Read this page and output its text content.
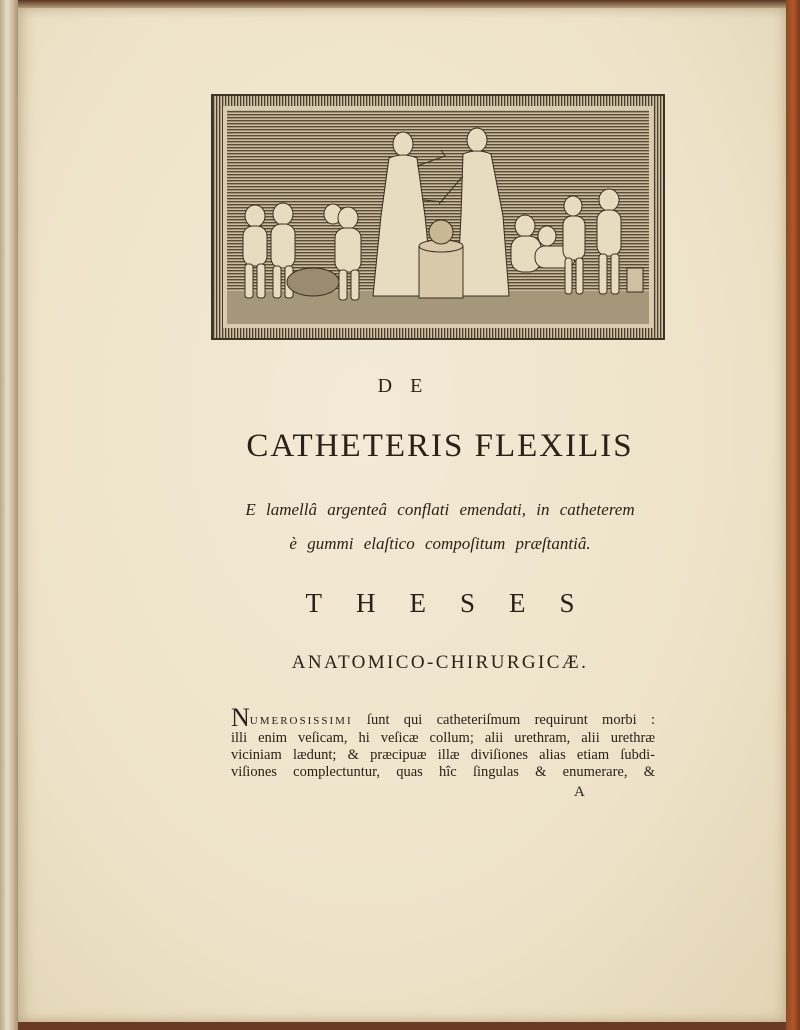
DE
CATHETERIS FLEXILIS
E lamellâ argenteâ conflati emendati, in catheterem
è gummi elaſtico compoſitum præſtantiâ.
THESES
ANATOMICO-CHIRURGICÆ.
NUMEROSISSIMI ſunt qui catheteriſmum requirunt morbi :
illi enim veſicam, hi veſicæ collum; alii urethram, alii urethræ
viciniam lædunt; & præcipuæ illæ diviſiones alias etiam ſubdi-
viſiones complectuntur, quas hîc ſingulas & enumerare, &
A
